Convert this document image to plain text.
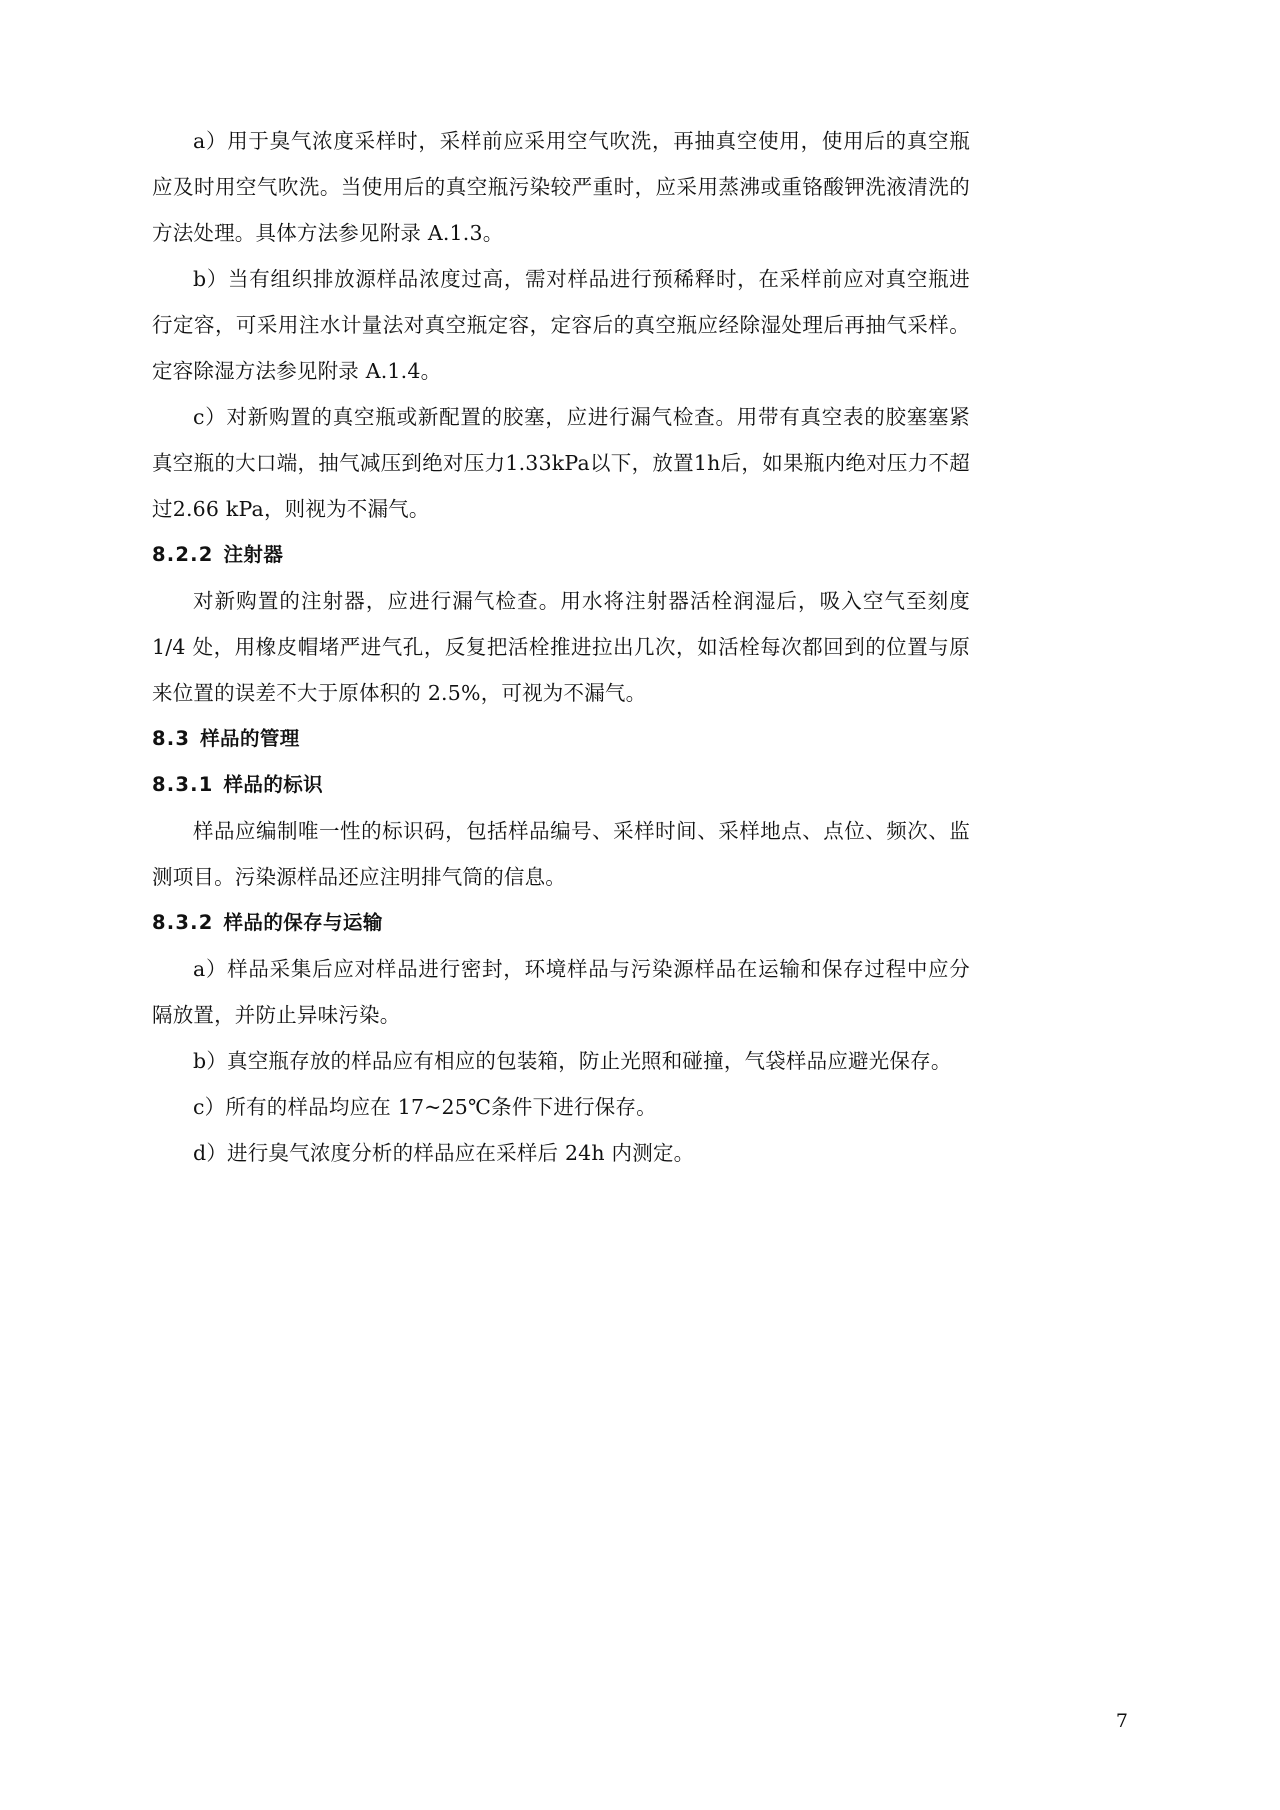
a）用于臭气浓度采样时，采样前应采用空气吹洗，再抽真空使用，使用后的真空瓶应及时用空气吹洗。当使用后的真空瓶污染较严重时，应采用蒸沸或重铬酸钾洗液清洗的方法处理。具体方法参见附录 A.1.3。

b）当有组织排放源样品浓度过高，需对样品进行预稀释时，在采样前应对真空瓶进行定容，可采用注水计量法对真空瓶定容，定容后的真空瓶应经除湿处理后再抽气采样。定容除湿方法参见附录 A.1.4。

c）对新购置的真空瓶或新配置的胶塞，应进行漏气检查。用带有真空表的胶塞塞紧真空瓶的大口端，抽气减压到绝对压力1.33kPa以下，放置1h后，如果瓶内绝对压力不超过2.66 kPa，则视为不漏气。

8.2.2 注射器

对新购置的注射器，应进行漏气检查。用水将注射器活栓润湿后，吸入空气至刻度 1/4 处，用橡皮帽堵严进气孔，反复把活栓推进拉出几次，如活栓每次都回到的位置与原来位置的误差不大于原体积的 2.5%，可视为不漏气。

8.3 样品的管理
8.3.1 样品的标识

样品应编制唯一性的标识码，包括样品编号、采样时间、采样地点、点位、频次、监测项目。污染源样品还应注明排气筒的信息。

8.3.2 样品的保存与运输

a）样品采集后应对样品进行密封，环境样品与污染源样品在运输和保存过程中应分隔放置，并防止异味污染。

b）真空瓶存放的样品应有相应的包装箱，防止光照和碰撞，气袋样品应避光保存。

c）所有的样品均应在 17~25℃条件下进行保存。

d）进行臭气浓度分析的样品应在采样后 24h 内测定。

7
